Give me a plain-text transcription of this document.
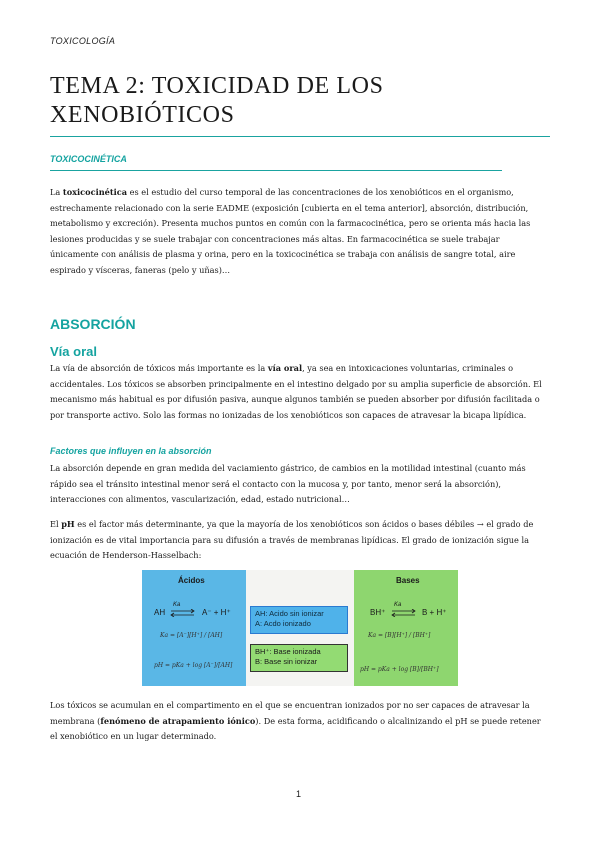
TOXICOLOGÍA
TEMA 2: TOXICIDAD DE LOS
XENOBIÓTICOS
TOXICOCINÉTICA

La toxicocinética es el estudio del curso temporal de las concentraciones de los xenobióticos en el organismo, estrechamente relacionado con la serie EADME (exposición [cubierta en el tema anterior], absorción, distribución, metabolismo y excreción). Presenta muchos puntos en común con la farmacocinética, pero se orienta más hacia las lesiones producidas y se suele trabajar con concentraciones más altas. En farmacocinética se suele trabajar únicamente con análisis de plasma y orina, pero en la toxicocinética se trabaja con análisis de sangre total, aire espirado y vísceras, faneras (pelo y uñas)…

ABSORCIÓN
Vía oral

La vía de absorción de tóxicos más importante es la vía oral, ya sea en intoxicaciones voluntarias, criminales o accidentales. Los tóxicos se absorben principalmente en el intestino delgado por su amplia superficie de absorción. El mecanismo más habitual es por difusión pasiva, aunque algunos también se pueden absorber por difusión facilitada o por transporte activo. Solo las formas no ionizadas de los xenobióticos son capaces de atravesar la bicapa lipídica.

Factores que influyen en la absorción

La absorción depende en gran medida del vaciamiento gástrico, de cambios en la motilidad intestinal (cuanto más rápido sea el tránsito intestinal menor será el contacto con la mucosa y, por tanto, menor será la absorción), interacciones con alimentos, vascularización, edad, estado nutricional…

El pH es el factor más determinante, ya que la mayoría de los xenobióticos son ácidos o bases débiles → el grado de ionización es de vital importancia para su difusión a través de membranas lipídicas. El grado de ionización sigue la ecuación de Henderson-Hasselbach:

Ácidos
AH
Ka
A⁻ + H⁺
Ka = [A⁻][H⁺] / [AH]
pH = pKa + log [A⁻]/[AH]
Bases
BH⁺
Ka
B + H⁺
Ka = [B][H⁺] / [BH⁺]
pH = pKa + log [B]/[BH⁺]
AH: Acido sin ionizar
A: Acdo ionizado
BH⁺: Base ionizada
B: Base sin ionizar

Los tóxicos se acumulan en el compartimento en el que se encuentran ionizados por no ser capaces de atravesar la membrana (fenómeno de atrapamiento iónico). De esta forma, acidificando o alcalinizando el pH se puede retener el xenobiótico en un lugar determinado.

1
